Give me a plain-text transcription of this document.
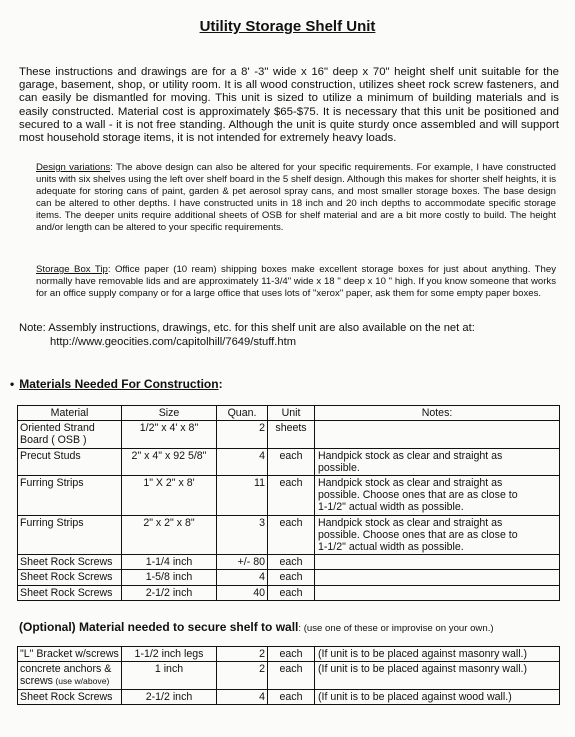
Utility Storage Shelf Unit
These instructions and drawings are for a 8' -3" wide x 16" deep x 70" height shelf unit suitable for the garage, basement, shop, or utility room. It is all wood construction, utilizes sheet rock screw fasteners, and can easily be dismantled for moving. This unit is sized to utilize a minimum of building materials and is easily constructed. Material cost is approximately $65-$75. It is necessary that this unit be positioned and secured to a wall - it is not free standing. Although the unit is quite sturdy once assembled and will support most household storage items, it is not intended for extremely heavy loads.
Design variations: The above design can also be altered for your specific requirements. For example, I have constructed units with six shelves using the left over shelf board in the 5 shelf design. Although this makes for shorter shelf heights, it is adequate for storing cans of paint, garden & pet aerosol spray cans, and most smaller storage boxes. The base design can be altered to other depths. I have constructed units in 18 inch and 20 inch depths to accommodate specific storage items. The deeper units require additional sheets of OSB for shelf material and are a bit more costly to build. The height and/or length can be altered to your specific requirements.
Storage Box Tip: Office paper (10 ream) shipping boxes make excellent storage boxes for just about anything. They normally have removable lids and are approximately 11-3/4" wide x 18 " deep x 10 " high. If you know someone that works for an office supply company or for a large office that uses lots of "xerox" paper, ask them for some empty paper boxes.
Note: Assembly instructions, drawings, etc. for this shelf unit are also available on the net at:
http://www.geocities.com/capitolhill/7649/stuff.htm
• Materials Needed For Construction:
Material	Size	Quan.	Unit	Notes:
Oriented Strand Board ( OSB )	1/2" x 4' x 8"	2	sheets	
Precut Studs	2" x 4" x 92 5/8"	4	each	Handpick stock as clear and straight as
possible.

Furring Strips	1" X 2" x 8'	11	each	Handpick stock as clear and straight as
possible. Choose ones that are as close to
1-1/2" actual width as possible.

Furring Strips	2" x 2" x 8"	3	each	Handpick stock as clear and straight as
possible. Choose ones that are as close to
1-1/2" actual width as possible.

Sheet Rock Screws	1-1/4 inch	+/- 80	each	
Sheet Rock Screws	1-5/8 inch	4	each	
Sheet Rock Screws	2-1/2 inch	40	each	
(Optional) Material needed to secure shelf to wall: (use one of these or improvise on your own.)
"L" Bracket w/screws	1-1/2 inch legs	2	each	(If unit is to be placed against masonry wall.)
concrete anchors &
screws (use w/above)	1 inch	2	each	(If unit is to be placed against masonry wall.)
Sheet Rock Screws	2-1/2 inch	4	each	(If unit is to be placed against wood wall.)
